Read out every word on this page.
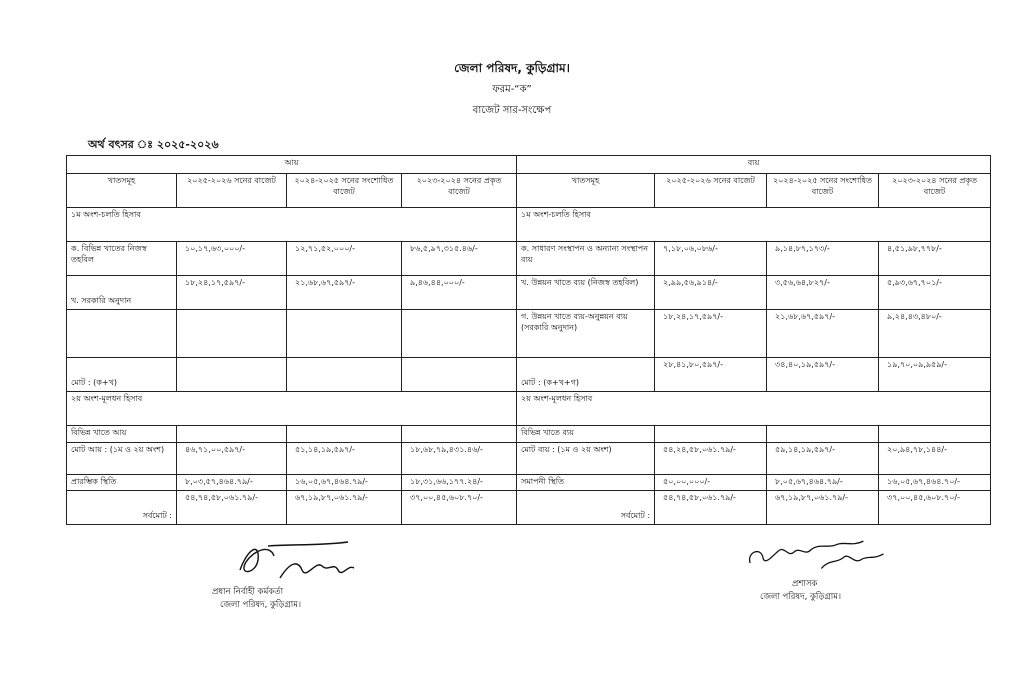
জেলা পরিষদ, কুড়িগ্রাম।
ফরম-“ক”
বাজেট সার-সংক্ষেপ
অর্থ বৎসর ঃ ২০২৫-২০২৬
আয়				ব্যয়			
খাতসমূহ	২০২৫-২০২৬ সনের বাজেট	২০২৪-২০২৫ সনের সংশোধিত বাজেট	২০২৩-২০২৪ সনের প্রকৃত বাজেট	খাতসমূহ	২০২৫-২০২৬ সনের বাজেট	২০২৪-২০২৫ সনের সংশোধিত বাজেট	২০২৩-২০২৪ সনের প্রকৃত বাজেট
১ম অংশ-চলতি হিসাব				১ম অংশ-চলতি হিসাব			
ক. বিভিন্ন খাতের নিজস্ব তহবিল	১০,১৭,৬৩,০০০/-	১২,৭১,৫২,০০০/-	৮৬,৫,৯৭,৩১৫.৪৬/-	ক. সাধারণ সংস্থাপন ও অন্যান্য সংস্থাপন ব্যয়	৭,১৮,০৬,০৮৬/-	৯,১৪,৮৭,১৭৩/-	৪,৫১,৯৮,৭৭৮/-
খ. সরকারি অনুদান	১৮,২৪,১৭,৫৯৭/-	২১,৬৮,৬৭,৫৯৭/-	৯,৪৬,৪৪,০০০/-	খ. উন্নয়ন খাতে ব্যয় (নিজস্ব তহবিল)	২,৯৯,৫৬,৯১৪/-	৩,৫৬,৬৪,৮২৭/-	৫,৯৩,৬৭,৭০১/-
				গ. উন্নয়ন খাতে ব্যয়-অনুন্নয়ন ব্যয় (সরকারি অনুদান)	১৮,২৪,১৭,৫৯৭/-	২১,৬৮,৬৭,৫৯৭/-	৯,২৪,৪৩,৪৮০/-
মোট : (ক+খ)				মোট : (ক+খ+গ)	২৮,৪১,৮০,৫৯৭/-	৩৪,৪০,১৯,৫৯৭/-	১৯,৭০,০৯,৯৫৯/-
২য় অংশ-মূলধন হিসাব				২য় অংশ-মূলধন হিসাব			
বিভিন্ন খাতে আয়				বিভিন্ন খাতে ব্যয়			
মোট আয় : (১ম ও ২য় অংশ)	৪৬,৭১,০০,৫৯৭/-	৫১,১৪,১৯,৫৯৭/-	১৮,৬৮,৭৯,৪৩১.৪৬/-	মোট ব্যয় : (১ম ও ২য় অংশ)	৫৪,২৪,৫৮,০৬১.৭৯/-	৫৯,১৪,১৯,৫৯৭/-	২০,৯৪,৭৮,১৪৪/-
প্রারম্ভিক স্থিতি	৮,০৩,৫৭,৪৬৪.৭৯/-	১৬,০৫,৬৭,৪৬৪.৭৯/-	১৮,৩১,৬৬,১৭৭.২৪/-	সমাপনী স্থিতি	৫০,০০,০০০/-	৮,০৫,৬৭,৪৬৪.৭৯/-	১৬,০৫,৬৭,৪৬৪.৭০/-
সর্বমোট :	৫৪,৭৪,৫৮,০৬১.৭৯/-	৬৭,১৯,৮৭,০৬১.৭৯/-	৩৭,০০,৪৫,৬০৮.৭০/-	সর্বমোট :	৫৪,৭৪,৫৮,০৬১.৭৯/-	৬৭,১৯,৮৭,০৬১.৭৯/-	৩৭,০০,৪৫,৬০৮.৭০/-
প্রধান নির্বাহী কর্মকর্তা
জেলা পরিষদ, কুড়িগ্রাম।
প্রশাসক
জেলা পরিষদ, কুড়িগ্রাম।
